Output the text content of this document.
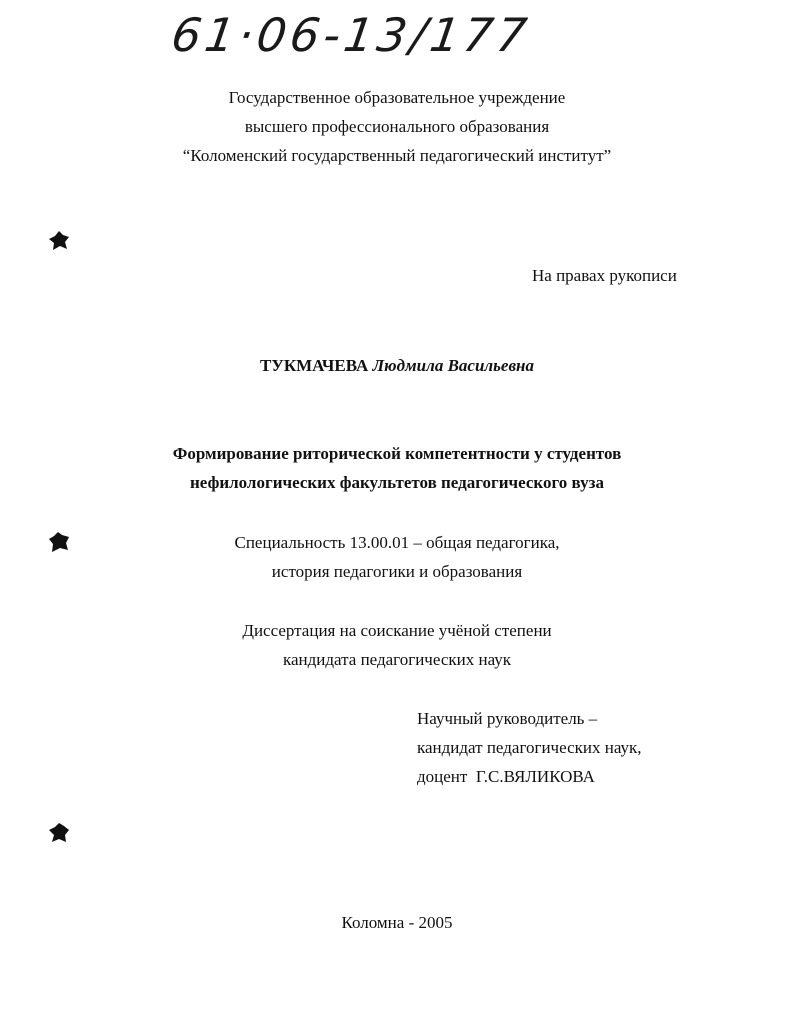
61·06-13/177
Государственное образовательное учреждение
высшего профессионального образования
“Коломенский государственный педагогический институт”
На правах рукописи
ТУКМАЧЕВА Людмила Васильевна
Формирование риторической компетентности у студентов
нефилологических факультетов педагогического вуза
Специальность 13.00.01 – общая педагогика,
история педагогики и образования
Диссертация на соискание учёной степени
кандидата педагогических наук
Научный руководитель –
кандидат педагогических наук,
доцент  Г.С.ВЯЛИКОВА
Коломна - 2005
